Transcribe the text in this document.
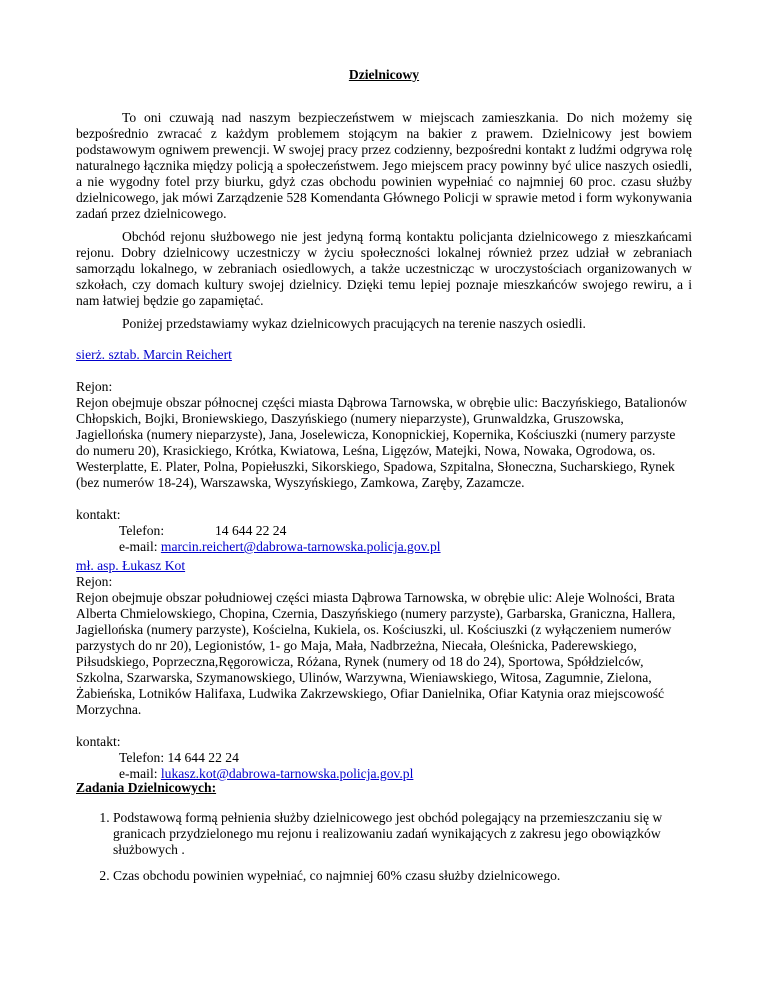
Dzielnicowy

To oni czuwają nad naszym bezpieczeństwem w miejscach zamieszkania. Do nich możemy się bezpośrednio zwracać z każdym problemem stojącym na bakier z prawem. Dzielnicowy jest bowiem podstawowym ogniwem prewencji. W swojej pracy przez codzienny, bezpośredni kontakt z ludźmi odgrywa rolę naturalnego łącznika między policją a społeczeństwem. Jego miejscem pracy powinny być ulice naszych osiedli, a nie wygodny fotel przy biurku, gdyż czas obchodu powinien wypełniać co najmniej 60 proc. czasu służby dzielnicowego, jak mówi Zarządzenie 528 Komendanta Głównego Policji w sprawie metod i form wykonywania zadań przez dzielnicowego.

Obchód rejonu służbowego nie jest jedyną formą kontaktu policjanta dzielnicowego z mieszkańcami rejonu. Dobry dzielnicowy uczestniczy w życiu społeczności lokalnej również przez udział w zebraniach samorządu lokalnego, w zebraniach osiedlowych, a także uczestnicząc w uroczystościach organizowanych w szkołach, czy domach kultury swojej dzielnicy. Dzięki temu lepiej poznaje mieszkańców swojego rewiru, a i nam łatwiej będzie go zapamiętać.

Poniżej przedstawiamy wykaz dzielnicowych pracujących na terenie naszych osiedli.

sierż. sztab. Marcin Reichert
Rejon:
Rejon obejmuje obszar północnej części miasta Dąbrowa Tarnowska, w obrębie ulic: Baczyńskiego, Batalionów Chłopskich, Bojki, Broniewskiego, Daszyńskiego (numery nieparzyste), Grunwaldzka, Gruszowska, Jagiellońska (numery nieparzyste), Jana, Joselewicza, Konopnickiej, Kopernika, Kościuszki (numery parzyste do numeru 20), Krasickiego, Krótka, Kwiatowa, Leśna, Ligęzów, Matejki, Nowa, Nowaka, Ogrodowa, os. Westerplatte, E. Plater, Polna, Popiełuszki, Sikorskiego, Spadowa, Szpitalna, Słoneczna, Sucharskiego, Rynek (bez numerów 18-24), Warszawska, Wyszyńskiego, Zamkowa, Zaręby, Zazamcze.
kontakt:
Telefon:	14 644 22 24
e-mail: marcin.reichert@dabrowa-tarnowska.policja.gov.pl
mł. asp. Łukasz Kot
Rejon:
Rejon obejmuje obszar południowej części miasta Dąbrowa Tarnowska, w obrębie ulic: Aleje Wolności, Brata Alberta Chmielowskiego, Chopina, Czernia, Daszyńskiego (numery parzyste), Garbarska, Graniczna, Hallera, Jagiellońska (numery parzyste), Kościelna, Kukiela, os. Kościuszki, ul. Kościuszki (z wyłączeniem numerów parzystych do nr 20), Legionistów, 1- go Maja, Mała, Nadbrzeżna, Niecała, Oleśnicka, Paderewskiego, Piłsudskiego, Poprzeczna,Ręgorowicza, Różana, Rynek (numery od 18 do 24), Sportowa, Spółdzielców, Szkolna, Szarwarska, Szymanowskiego, Ulinów, Warzywna, Wieniawskiego, Witosa, Zagumnie, Zielona, Żabieńska, Lotników Halifaxa, Ludwika Zakrzewskiego, Ofiar Danielnika, Ofiar Katynia oraz miejscowość Morzychna.
kontakt:
Telefon: 14 644 22 24
e-mail: lukasz.kot@dabrowa-tarnowska.policja.gov.pl
Zadania Dzielnicowych:
1. Podstawową formą pełnienia służby dzielnicowego jest obchód polegający na przemieszczaniu się w granicach przydzielonego mu rejonu i realizowaniu zadań wynikających z zakresu jego obowiązków służbowych .
2. Czas obchodu powinien wypełniać, co najmniej 60% czasu służby dzielnicowego.
